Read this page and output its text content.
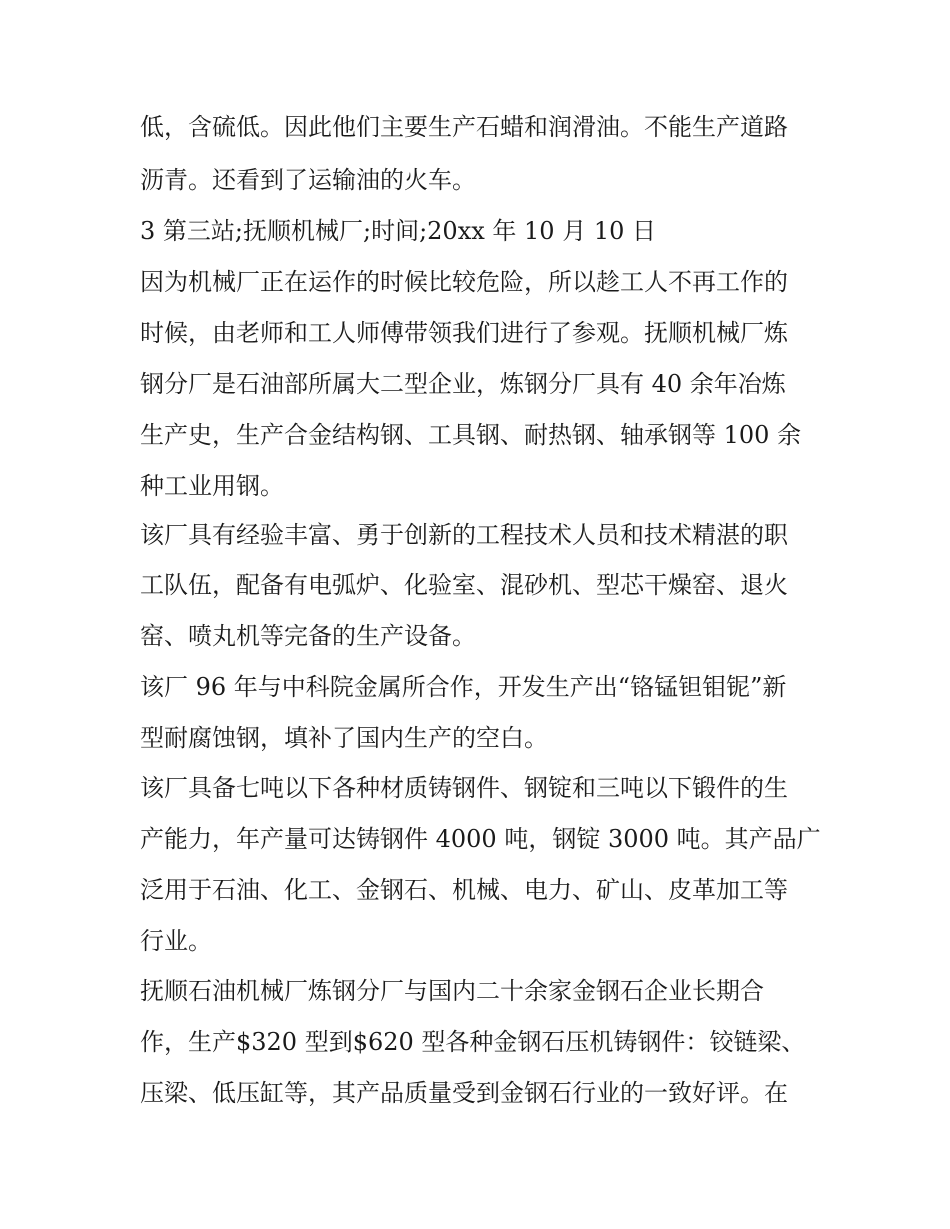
低，含硫低。因此他们主要生产石蜡和润滑油。不能生产道路

沥青。还看到了运输油的火车。

3 第三站;抚顺机械厂;时间;20xx 年 10 月 10 日

因为机械厂正在运作的时候比较危险，所以趁工人不再工作的

时候，由老师和工人师傅带领我们进行了参观。抚顺机械厂炼

钢分厂是石油部所属大二型企业，炼钢分厂具有 40 余年冶炼

生产史，生产合金结构钢、工具钢、耐热钢、轴承钢等 100 余

种工业用钢。

该厂具有经验丰富、勇于创新的工程技术人员和技术精湛的职

工队伍，配备有电弧炉、化验室、混砂机、型芯干燥窑、退火

窑、喷丸机等完备的生产设备。

该厂 96 年与中科院金属所合作，开发生产出“铬锰钽钼铌”新

型耐腐蚀钢，填补了国内生产的空白。

该厂具备七吨以下各种材质铸钢件、钢锭和三吨以下锻件的生

产能力，年产量可达铸钢件 4000 吨，钢锭 3000 吨。其产品广

泛用于石油、化工、金钢石、机械、电力、矿山、皮革加工等

行业。

抚顺石油机械厂炼钢分厂与国内二十余家金钢石企业长期合

作，生产$320 型到$620 型各种金钢石压机铸钢件：铰链梁、

压梁、低压缸等，其产品质量受到金钢石行业的一致好评。在
